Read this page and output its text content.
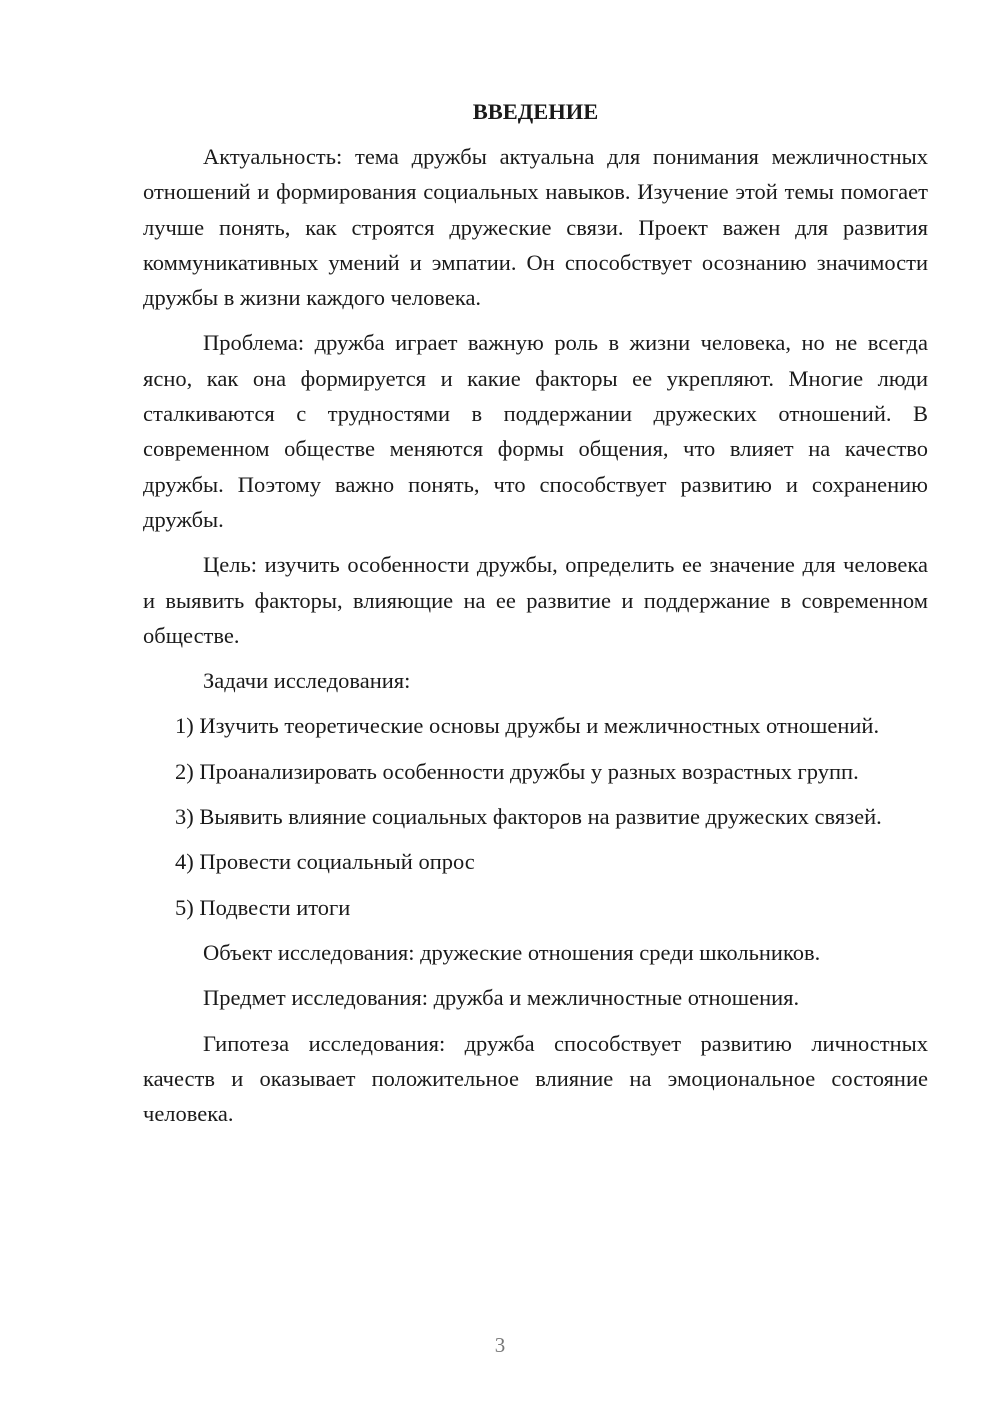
ВВЕДЕНИЕ

Актуальность: тема дружбы актуальна для понимания межличностных отношений и формирования социальных навыков. Изучение этой темы помогает лучше понять, как строятся дружеские связи. Проект важен для развития коммуникативных умений и эмпатии. Он способствует осознанию значимости дружбы в жизни каждого человека.

Проблема: дружба играет важную роль в жизни человека, но не всегда ясно, как она формируется и какие факторы ее укрепляют. Многие люди сталкиваются с трудностями в поддержании дружеских отношений. В современном обществе меняются формы общения, что влияет на качество дружбы. Поэтому важно понять, что способствует развитию и сохранению дружбы.

Цель: изучить особенности дружбы, определить ее значение для человека и выявить факторы, влияющие на ее развитие и поддержание в современном обществе.

Задачи исследования:

1) Изучить теоретические основы дружбы и межличностных отношений.

2) Проанализировать особенности дружбы у разных возрастных групп.

3) Выявить влияние социальных факторов на развитие дружеских связей.

4) Провести социальный опрос

5) Подвести итоги

Объект исследования: дружеские отношения среди школьников.

Предмет исследования: дружба и межличностные отношения.

Гипотеза исследования: дружба способствует развитию личностных качеств и оказывает положительное влияние на эмоциональное состояние человека.

3
